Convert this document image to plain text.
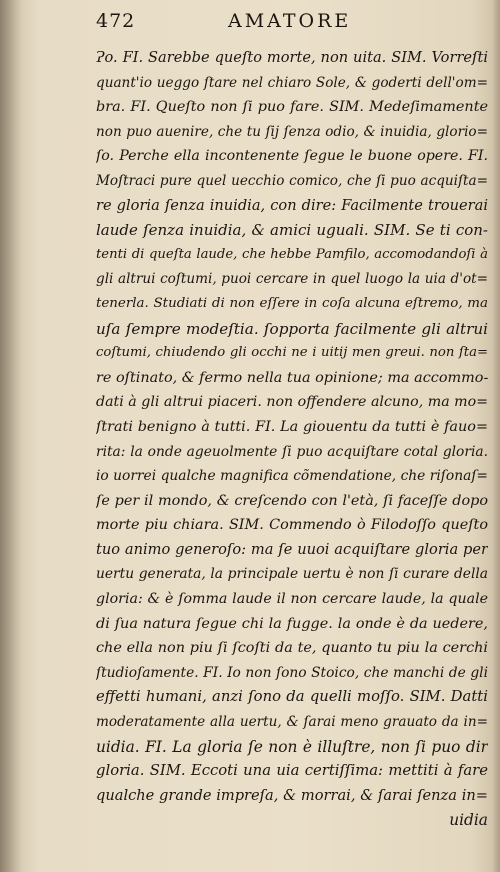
472	AMATORE
Ɂo. FI. Sarebbe queſto morte, non uita. SIM. Vorreſti
quant'io ueggo ſtare nel chiaro Sole, & goderti dell'om=
bra. FI. Queſto non ſi puo fare. SIM. Medeſimamente
non puo auenire, che tu ſij ſenza odio, & inuidia, glorio=
ſo. Perche ella incontenente ſegue le buone opere. FI.
Moſtraci pure quel uecchio comico, che ſi puo acquiſta=
re gloria ſenza inuidia, con dire: Facilmente trouerai
laude ſenza inuidia, & amici uguali. SIM. Se ti con-
tenti di queſta laude, che hebbe Pamfilo, accomodandoſi à
gli altrui coſtumi, puoi cercare in quel luogo la uia d'ot=
tenerla. Studiati di non eſſere in coſa alcuna eſtremo, ma
uſa ſempre modeſtia. ſopporta facilmente gli altrui
coſtumi, chiudendo gli occhi ne i uitij men greui. non ſta=
re oſtinato, & fermo nella tua opinione; ma accommo-
dati à gli altrui piaceri. non offendere alcuno, ma mo=
ſtrati benigno à tutti. FI. La giouentu da tutti è fauo=
rita: la onde ageuolmente ſi puo acquiſtare cotal gloria.
io uorrei qualche magnifica cõmendatione, che riſonaſ=
ſe per il mondo, & creſcendo con l'età, ſi faceſſe dopo
morte piu chiara. SIM. Commendo ò Filodoſſo queſto
tuo animo generoſo: ma ſe uuoi acquiſtare gloria per
uertu generata, la principale uertu è non ſi curare della
gloria: & è ſomma laude il non cercare laude, la quale
di ſua natura ſegue chi la fugge. la onde è da uedere,
che ella non piu ſi ſcoſti da te, quanto tu piu la cerchi
ſtudioſamente. FI. Io non ſono Stoico, che manchi de gli
effetti humani, anzi ſono da quelli moſſo. SIM. Datti
moderatamente alla uertu, & ſarai meno grauato da in=
uidia. FI. La gloria ſe non è illuſtre, non ſi puo dir
gloria. SIM. Eccoti una uia certiſſima: mettiti à fare
qualche grande impreſa, & morrai, & ſarai ſenza in=
uidia
